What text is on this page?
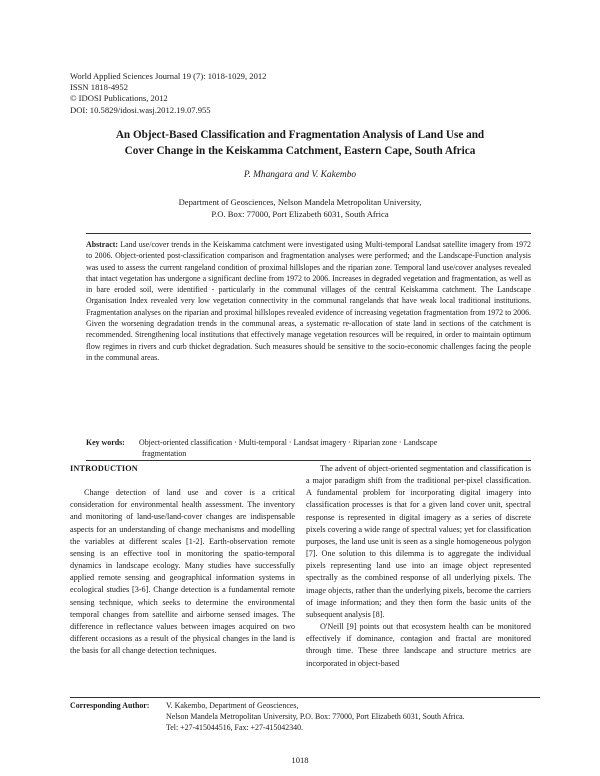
World Applied Sciences Journal 19 (7): 1018-1029, 2012
ISSN 1818-4952
© IDOSI Publications, 2012
DOI: 10.5829/idosi.wasj.2012.19.07.955
An Object-Based Classification and Fragmentation Analysis of Land Use and
Cover Change in the Keiskamma Catchment, Eastern Cape, South Africa
P. Mhangara and V. Kakembo
Department of Geosciences, Nelson Mandela Metropolitan University,
P.O. Box: 77000, Port Elizabeth 6031, South Africa
Abstract: Land use/cover trends in the Keiskamma catchment were investigated using Multi-temporal Landsat satellite imagery from 1972 to 2006. Object-oriented post-classification comparison and fragmentation analyses were performed; and the Landscape-Function analysis was used to assess the current rangeland condition of proximal hillslopes and the riparian zone. Temporal land use/cover analyses revealed that intact vegetation has undergone a significant decline from 1972 to 2006. Increases in degraded vegetation and fragmentation, as well as in bare eroded soil, were identified - particularly in the communal villages of the central Keiskamma catchment. The Landscape Organisation Index revealed very low vegetation connectivity in the communal rangelands that have weak local traditional institutions. Fragmentation analyses on the riparian and proximal hillslopes revealed evidence of increasing vegetation fragmentation from 1972 to 2006. Given the worsening degradation trends in the communal areas, a systematic re-allocation of state land in sections of the catchment is recommended. Strengthening local institutions that effectively manage vegetation resources will be required, in order to maintain optimum flow regimes in rivers and curb thicket degradation. Such measures should be sensitive to the socio-economic challenges facing the people in the communal areas.
Key words: Object-oriented classification · Multi-temporal · Landsat imagery · Riparian zone · Landscape
fragmentation

INTRODUCTION

Change detection of land use and cover is a critical consideration for environmental health assessment. The inventory and monitoring of land-use/land-cover changes are indispensable aspects for an understanding of change mechanisms and modelling the variables at different scales [1-2]. Earth-observation remote sensing is an effective tool in monitoring the spatio-temporal dynamics in landscape ecology. Many studies have successfully applied remote sensing and geographical information systems in ecological studies [3-6]. Change detection is a fundamental remote sensing technique, which seeks to determine the environmental temporal changes from satellite and airborne sensed images. The difference in reflectance values between images acquired on two different occasions as a result of the physical changes in the land is the basis for all change detection techniques.

The advent of object-oriented segmentation and classification is a major paradigm shift from the traditional per-pixel classification. A fundamental problem for incorporating digital imagery into classification processes is that for a given land cover unit, spectral response is represented in digital imagery as a series of discrete pixels covering a wide range of spectral values; yet for classification purposes, the land use unit is seen as a single homogeneous polygon [7]. One solution to this dilemma is to aggregate the individual pixels representing land use into an image object represented spectrally as the combined response of all underlying pixels. The image objects, rather than the underlying pixels, become the carriers of image information; and they then form the basic units of the subsequent analysis [8].

O'Neill [9] points out that ecosystem health can be monitored effectively if dominance, contagion and fractal are monitored through time. These three landscape and structure metrics are incorporated in object-based

Corresponding Author: V. Kakembo, Department of Geosciences,
Nelson Mandela Metropolitan University, P.O. Box: 77000, Port Elizabeth 6031, South Africa.
Tel: +27-415044516, Fax: +27-415042340.
1018
